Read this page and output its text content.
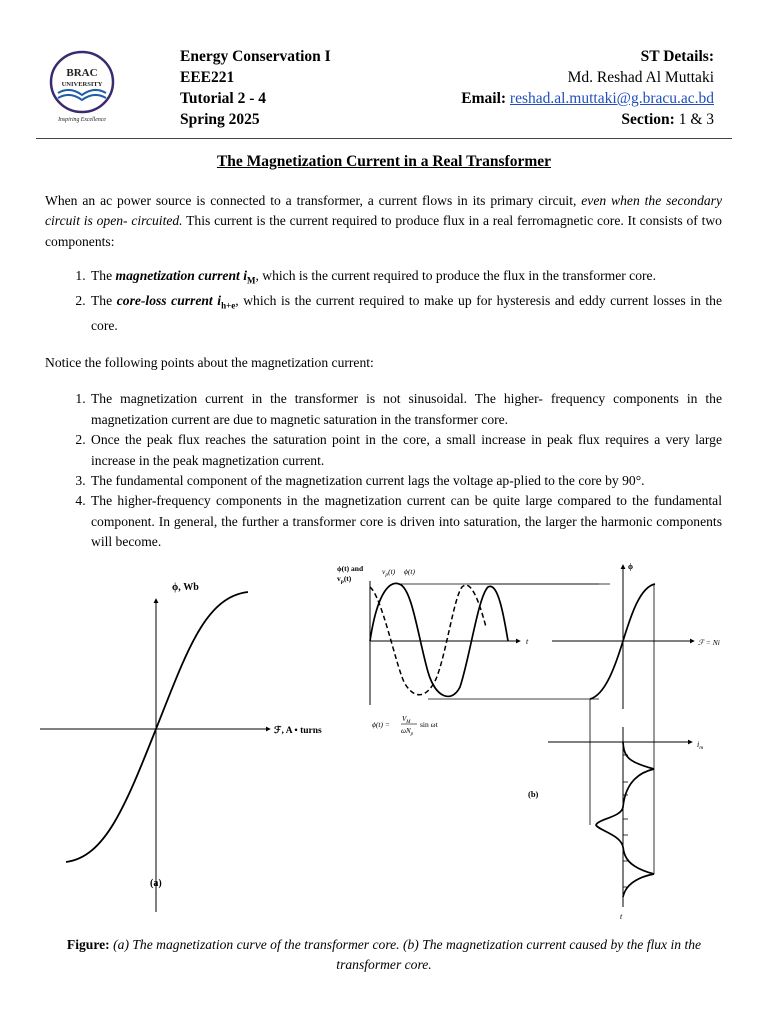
BRAC
UNIVERSITY
Inspiring Excellence
Energy Conservation I
EEE221
Tutorial 2 - 4
Spring 2025
ST Details:
Md. Reshad Al Muttaki
Email: reshad.al.muttaki@g.bracu.ac.bd
Section: 1 & 3
The Magnetization Current in a Real Transformer

When an ac power source is connected to a transformer, a current flows in its primary circuit, even when the secondary circuit is open- circuited. This current is the current required to produce flux in a real ferromagnetic core. It consists of two components:

1. The magnetization current $i_M$, which is the current required to produce the flux in the transformer core.
2. The core-loss current $i_{h+e}$, which is the current required to make up for hysteresis and eddy current losses in the core.

Notice the following points about the magnetization current:

1. The magnetization current in the transformer is not sinusoidal. The higher- frequency components in the magnetization current are due to magnetic saturation in the transformer core.
2. Once the peak flux reaches the saturation point in the core, a small increase in peak flux requires a very large increase in the peak magnetization current.
3. The fundamental component of the magnetization current lags the voltage ap-plied to the core by 90°.
4. The higher-frequency components in the magnetization current can be quite large compared to the fundamental component. In general, the further a transformer core is driven into saturation, the larger the harmonic components will become.
ϕ, Wb
ℱ, A • turns
(a)
ϕ(t) and
$v_p(t)$
$v_p(t)$ ϕ(t)
t
ϕ(t) =
$V_M$
$\omega N_p$
sin ωt
(b)
ϕ
ℱ = Ni
$i_m$
t
Figure: (a) The magnetization curve of the transformer core. (b) The magnetization current caused by the flux in the transformer core.
